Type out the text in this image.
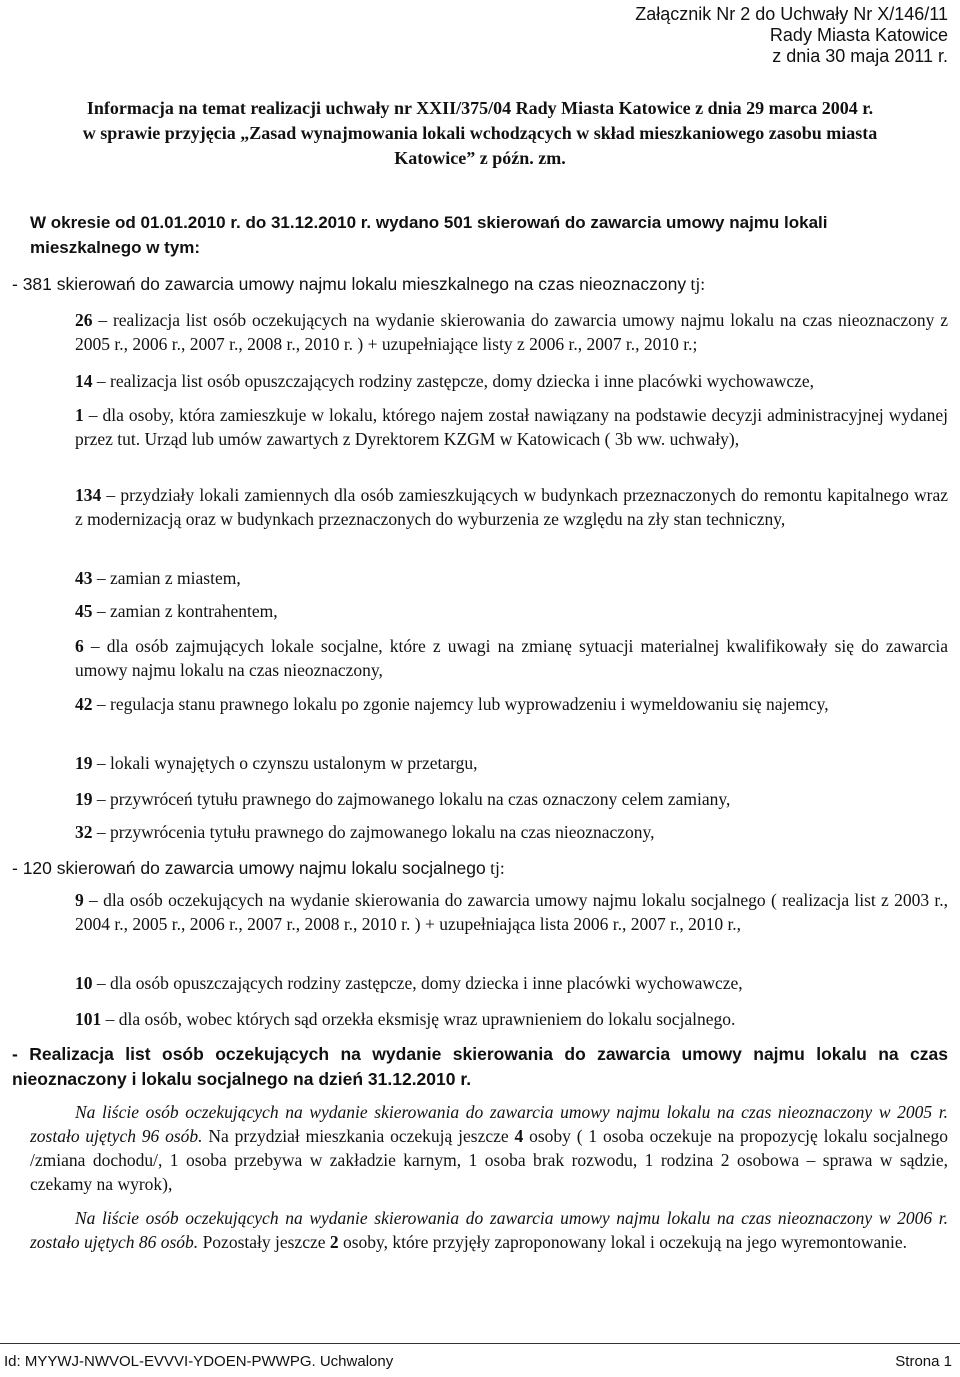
Załącznik Nr 2 do Uchwały Nr X/146/11
Rady Miasta Katowice
z dnia 30 maja 2011 r.
Informacja na temat realizacji uchwały nr XXII/375/04 Rady Miasta Katowice z dnia 29 marca 2004 r.
w sprawie przyjęcia „Zasad wynajmowania lokali wchodzących w skład mieszkaniowego zasobu miasta
Katowice” z późn. zm.
W okresie od 01.01.2010 r. do 31.12.2010 r. wydano 501 skierowań do zawarcia umowy najmu lokali
mieszkalnego w tym:
- 381 skierowań do zawarcia umowy najmu lokalu mieszkalnego na czas nieoznaczony tj:
26 – realizacja list osób oczekujących na wydanie skierowania do zawarcia umowy najmu lokalu na czas nieoznaczony z 2005 r., 2006 r., 2007 r., 2008 r., 2010 r. ) + uzupełniające listy z 2006 r., 2007 r., 2010 r.;
14 – realizacja list osób opuszczających rodziny zastępcze, domy dziecka i inne placówki wychowawcze,
1 – dla osoby, która zamieszkuje w lokalu, którego najem został nawiązany na podstawie decyzji administracyjnej wydanej przez tut. Urząd lub umów zawartych z Dyrektorem KZGM w Katowicach ( 3b ww. uchwały),
134 – przydziały lokali zamiennych dla osób zamieszkujących w budynkach przeznaczonych do remontu kapitalnego wraz z modernizacją oraz w budynkach przeznaczonych do wyburzenia ze względu na zły stan techniczny,
43 – zamian z miastem,
45 – zamian z kontrahentem,
6 – dla osób zajmujących lokale socjalne, które z uwagi na zmianę sytuacji materialnej kwalifikowały się do zawarcia umowy najmu lokalu na czas nieoznaczony,
42 – regulacja stanu prawnego lokalu po zgonie najemcy lub wyprowadzeniu i wymeldowaniu się najemcy,
19 – lokali wynajętych o czynszu ustalonym w przetargu,
19 – przywróceń tytułu prawnego do zajmowanego lokalu na czas oznaczony celem zamiany,
32 – przywrócenia tytułu prawnego do zajmowanego lokalu na czas nieoznaczony,
- 120 skierowań do zawarcia umowy najmu lokalu socjalnego tj:
9 – dla osób oczekujących na wydanie skierowania do zawarcia umowy najmu lokalu socjalnego ( realizacja list z 2003 r., 2004 r., 2005 r., 2006 r., 2007 r., 2008 r., 2010 r. ) + uzupełniająca lista 2006 r., 2007 r., 2010 r.,
10 – dla osób opuszczających rodziny zastępcze, domy dziecka i inne placówki wychowawcze,
101 – dla osób, wobec których sąd orzekła eksmisję wraz uprawnieniem do lokalu socjalnego.
- Realizacja list osób oczekujących na wydanie skierowania do zawarcia umowy najmu lokalu na czas nieoznaczony i lokalu socjalnego na dzień 31.12.2010 r.
Na liście osób oczekujących na wydanie skierowania do zawarcia umowy najmu lokalu na czas nieoznaczony w 2005 r. zostało ujętych 96 osób. Na przydział mieszkania oczekują jeszcze 4 osoby ( 1 osoba oczekuje na propozycję lokalu socjalnego /zmiana dochodu/, 1 osoba przebywa w zakładzie karnym, 1 osoba brak rozwodu, 1 rodzina 2 osobowa – sprawa w sądzie, czekamy na wyrok),
Na liście osób oczekujących na wydanie skierowania do zawarcia umowy najmu lokalu na czas nieoznaczony w 2006 r. zostało ujętych 86 osób. Pozostały jeszcze 2 osoby, które przyjęły zaproponowany lokal i oczekują na jego wyremontowanie.
Id: MYYWJ-NWVOL-EVVVI-YDOEN-PWWPG. Uchwalony	Strona 1
